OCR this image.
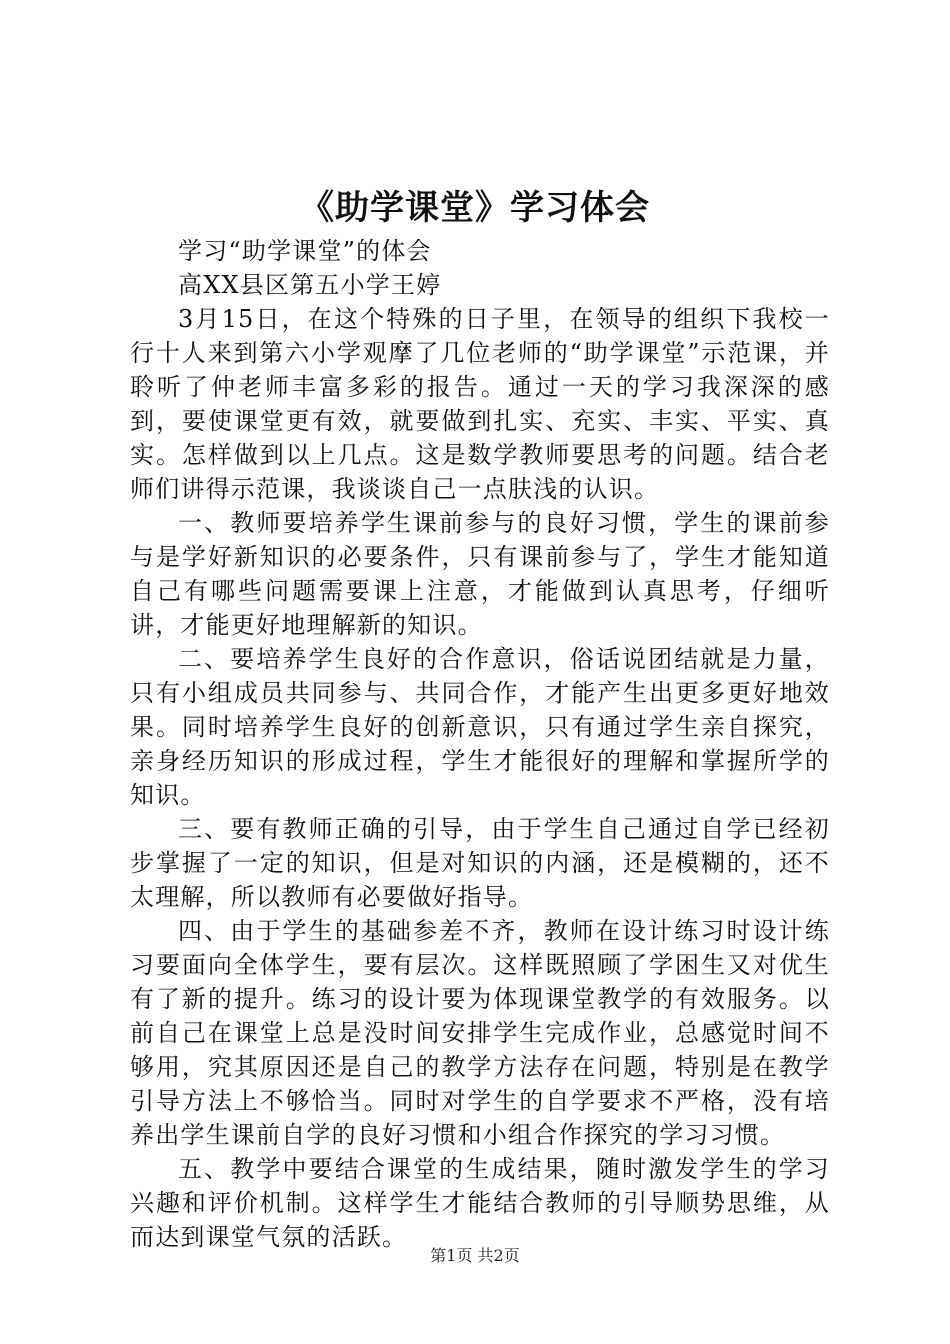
《助学课堂》学习体会

学习“助学课堂”的体会

高XX县区第五小学王婷

3月15日，在这个特殊的日子里，在领导的组织下我校一行十人来到第六小学观摩了几位老师的“助学课堂”示范课，并聆听了仲老师丰富多彩的报告。通过一天的学习我深深的感到，要使课堂更有效，就要做到扎实、充实、丰实、平实、真实。怎样做到以上几点。这是数学教师要思考的问题。结合老师们讲得示范课，我谈谈自己一点肤浅的认识。

一、教师要培养学生课前参与的良好习惯，学生的课前参与是学好新知识的必要条件，只有课前参与了，学生才能知道自己有哪些问题需要课上注意，才能做到认真思考，仔细听讲，才能更好地理解新的知识。

二、要培养学生良好的合作意识，俗话说团结就是力量，只有小组成员共同参与、共同合作，才能产生出更多更好地效果。同时培养学生良好的创新意识，只有通过学生亲自探究，亲身经历知识的形成过程，学生才能很好的理解和掌握所学的知识。

三、要有教师正确的引导，由于学生自己通过自学已经初步掌握了一定的知识，但是对知识的内涵，还是模糊的，还不太理解，所以教师有必要做好指导。

四、由于学生的基础参差不齐，教师在设计练习时设计练习要面向全体学生，要有层次。这样既照顾了学困生又对优生有了新的提升。练习的设计要为体现课堂教学的有效服务。以前自己在课堂上总是没时间安排学生完成作业，总感觉时间不够用，究其原因还是自己的教学方法存在问题，特别是在教学引导方法上不够恰当。同时对学生的自学要求不严格，没有培养出学生课前自学的良好习惯和小组合作探究的学习习惯。

五、教学中要结合课堂的生成结果，随时激发学生的学习兴趣和评价机制。这样学生才能结合教师的引导顺势思维，从而达到课堂气氛的活跃。

第1页 共2页
